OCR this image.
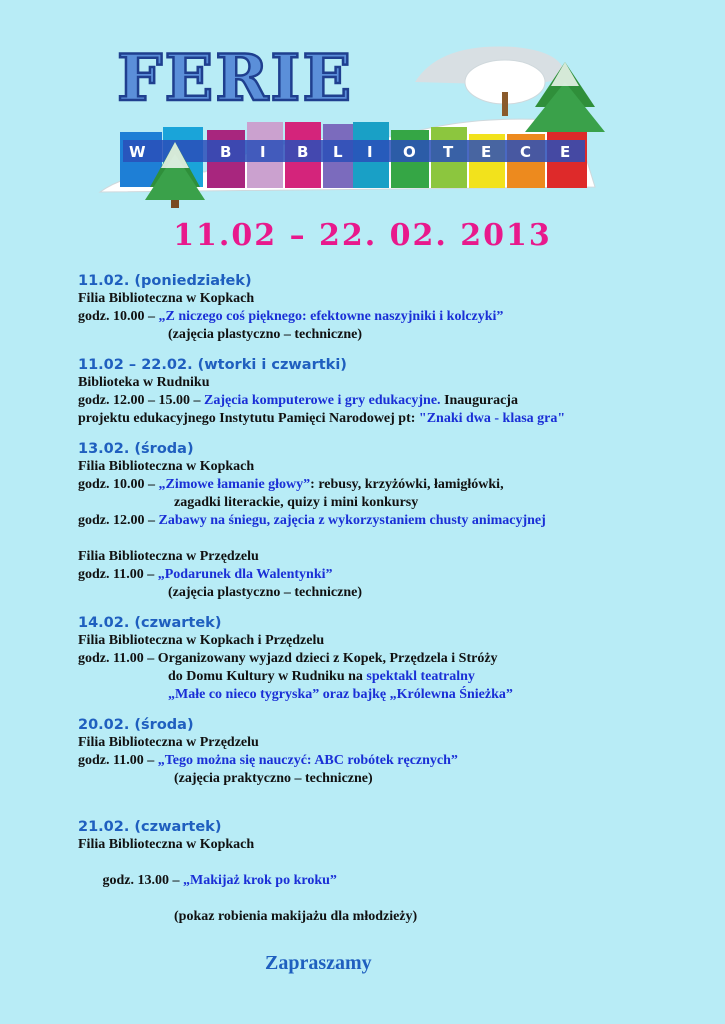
W	B I B L I O T E C E
FERIE
11.02 – 22. 02. 2013
11.02. (poniedziałek)
Filia Biblioteczna w Kopkach
godz. 10.00 – „Z niczego coś pięknego: efektowne naszyjniki i kolczyki”
(zajęcia plastyczno – techniczne)
11.02 – 22.02. (wtorki i czwartki)
Biblioteka w Rudniku
godz. 12.00 – 15.00 – Zajęcia komputerowe i gry edukacyjne. Inauguracja
projektu edukacyjnego Instytutu Pamięci Narodowej pt: "Znaki dwa - klasa gra"
13.02. (środa)
Filia Biblioteczna w Kopkach
godz. 10.00 – „Zimowe łamanie głowy”: rebusy, krzyżówki, łamigłówki,
zagadki literackie, quizy i mini konkursy
godz. 12.00 – Zabawy na śniegu, zajęcia z wykorzystaniem chusty animacyjnej
Filia Biblioteczna w Przędzelu
godz. 11.00 – „Podarunek dla Walentynki”
(zajęcia plastyczno – techniczne)
14.02. (czwartek)
Filia Biblioteczna w Kopkach i Przędzelu
godz. 11.00 – Organizowany wyjazd dzieci z Kopek, Przędzela i Stróży
do Domu Kultury w Rudniku na spektakl teatralny
„Małe co nieco tygryska” oraz bajkę „Królewna Śnieżka”
20.02. (środa)
Filia Biblioteczna w Przędzelu
godz. 11.00 – „Tego można się nauczyć: ABC robótek ręcznych”
(zajęcia praktyczno – techniczne)
21.02. (czwartek)
Filia Biblioteczna w Kopkach

godz. 13.00 – „Makijaż krok po kroku”

(pokaz robienia makijażu dla młodzieży)
Zapraszamy
